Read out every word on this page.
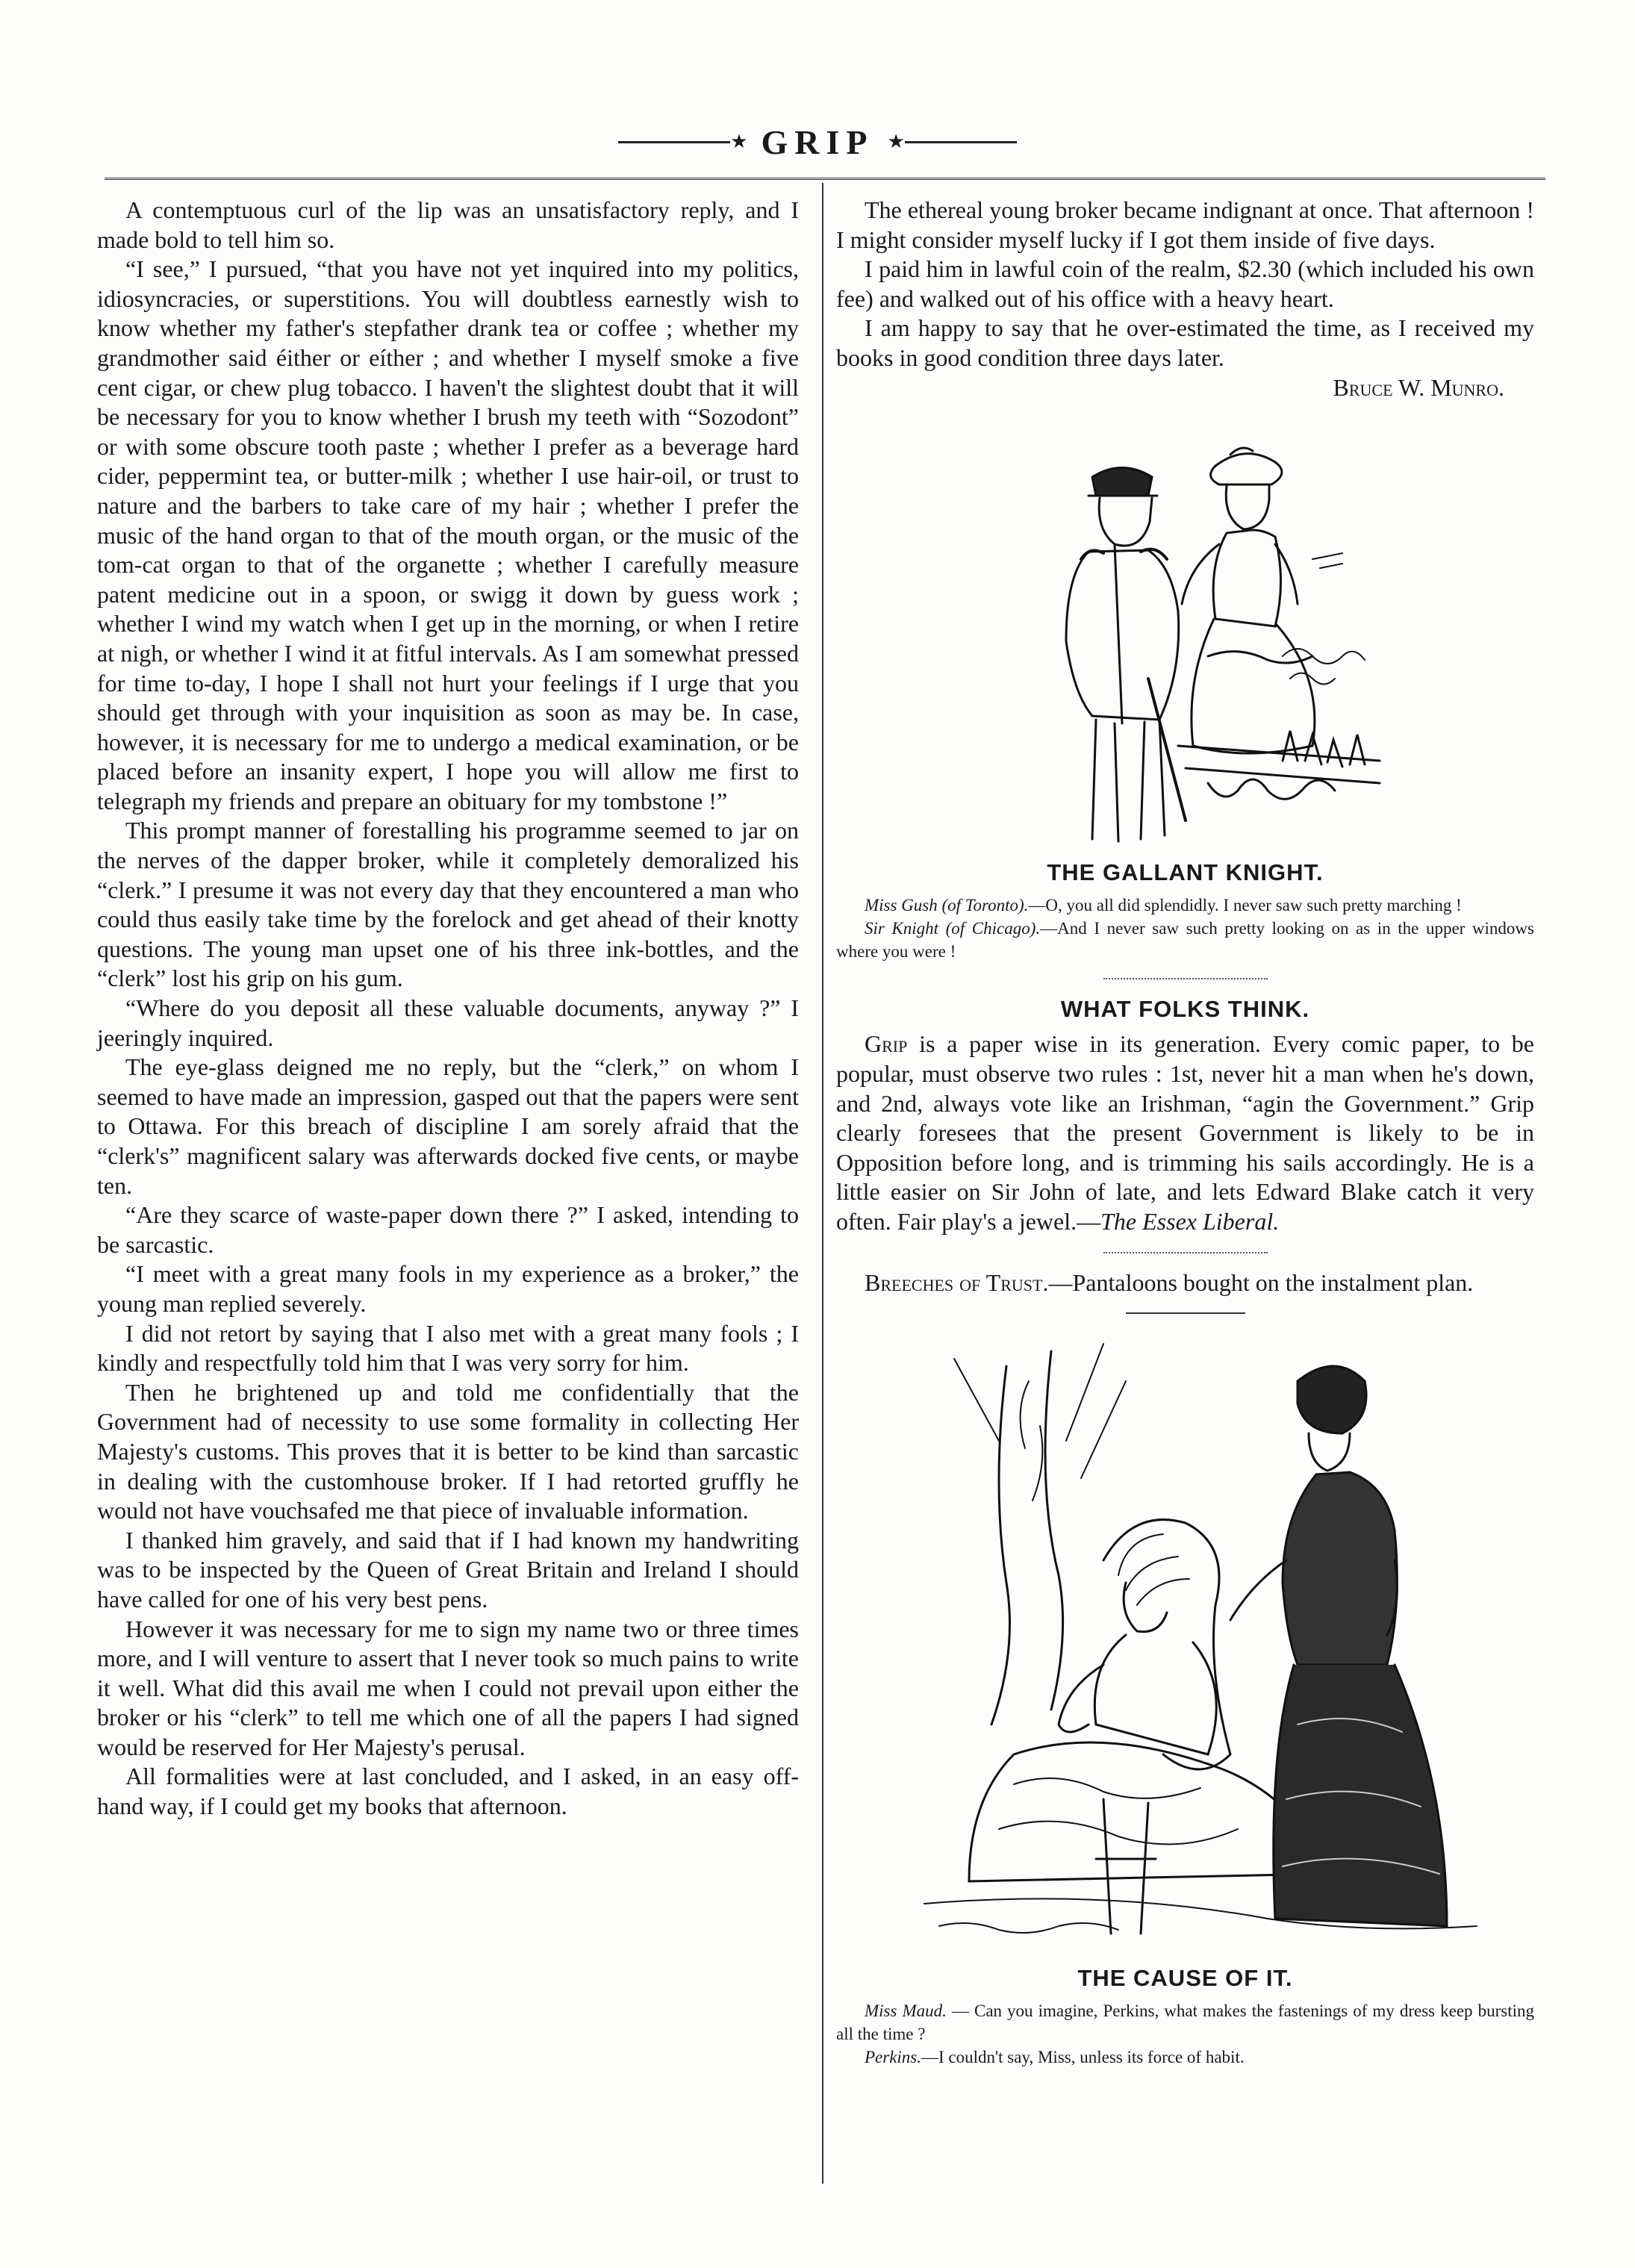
★ GRIP ★

A contemptuous curl of the lip was an unsatisfactory reply, and I made bold to tell him so.

“I see,” I pursued, “that you have not yet inquired into my politics, idiosyncracies, or superstitions. You will doubtless earnestly wish to know whether my father's stepfather drank tea or coffee ; whether my grandmother said éither or eíther ; and whether I myself smoke a five cent cigar, or chew plug tobacco. I haven't the slightest doubt that it will be necessary for you to know whether I brush my teeth with “Sozodont” or with some obscure tooth paste ; whether I prefer as a beverage hard cider, peppermint tea, or butter-milk ; whether I use hair-oil, or trust to nature and the barbers to take care of my hair ; whether I prefer the music of the hand organ to that of the mouth organ, or the music of the tom-cat organ to that of the organette ; whether I carefully measure patent medicine out in a spoon, or swigg it down by guess work ; whether I wind my watch when I get up in the morning, or when I retire at nigh, or whether I wind it at fitful intervals. As I am somewhat pressed for time to-day, I hope I shall not hurt your feelings if I urge that you should get through with your inquisition as soon as may be. In case, however, it is necessary for me to undergo a medical examination, or be placed before an insanity expert, I hope you will allow me first to telegraph my friends and prepare an obituary for my tombstone !”

This prompt manner of forestalling his programme seemed to jar on the nerves of the dapper broker, while it completely demoralized his “clerk.” I presume it was not every day that they encountered a man who could thus easily take time by the forelock and get ahead of their knotty questions. The young man upset one of his three ink-bottles, and the “clerk” lost his grip on his gum.

“Where do you deposit all these valuable documents, anyway ?” I jeeringly inquired.

The eye-glass deigned me no reply, but the “clerk,” on whom I seemed to have made an impression, gasped out that the papers were sent to Ottawa. For this breach of discipline I am sorely afraid that the “clerk's” magnificent salary was afterwards docked five cents, or maybe ten.

“Are they scarce of waste-paper down there ?” I asked, intending to be sarcastic.

“I meet with a great many fools in my experience as a broker,” the young man replied severely.

I did not retort by saying that I also met with a great many fools ; I kindly and respectfully told him that I was very sorry for him.

Then he brightened up and told me confidentially that the Government had of necessity to use some formality in collecting Her Majesty's customs. This proves that it is better to be kind than sarcastic in dealing with the customhouse broker. If I had retorted gruffly he would not have vouchsafed me that piece of invaluable information.

I thanked him gravely, and said that if I had known my handwriting was to be inspected by the Queen of Great Britain and Ireland I should have called for one of his very best pens.

However it was necessary for me to sign my name two or three times more, and I will venture to assert that I never took so much pains to write it well. What did this avail me when I could not prevail upon either the broker or his “clerk” to tell me which one of all the papers I had signed would be reserved for Her Majesty's perusal.

All formalities were at last concluded, and I asked, in an easy off-hand way, if I could get my books that afternoon.

The ethereal young broker became indignant at once. That afternoon ! I might consider myself lucky if I got them inside of five days.

I paid him in lawful coin of the realm, $2.30 (which included his own fee) and walked out of his office with a heavy heart.

I am happy to say that he over-estimated the time, as I received my books in good condition three days later.

Bruce W. Munro.

THE GALLANT KNIGHT.
Miss Gush (of Toronto).—O, you all did splendidly. I never saw such pretty marching !
Sir Knight (of Chicago).—And I never saw such pretty looking on as in the upper windows where you were !
WHAT FOLKS THINK.

Grip is a paper wise in its generation. Every comic paper, to be popular, must observe two rules : 1st, never hit a man when he's down, and 2nd, always vote like an Irishman, “agin the Government.” Grip clearly foresees that the present Government is likely to be in Opposition before long, and is trimming his sails accordingly. He is a little easier on Sir John of late, and lets Edward Blake catch it very often. Fair play's a jewel.—The Essex Liberal.

Breeches of Trust.—Pantaloons bought on the instalment plan.

THE CAUSE OF IT.
Miss Maud. — Can you imagine, Perkins, what makes the fastenings of my dress keep bursting all the time ?
Perkins.—I couldn't say, Miss, unless its force of habit.
